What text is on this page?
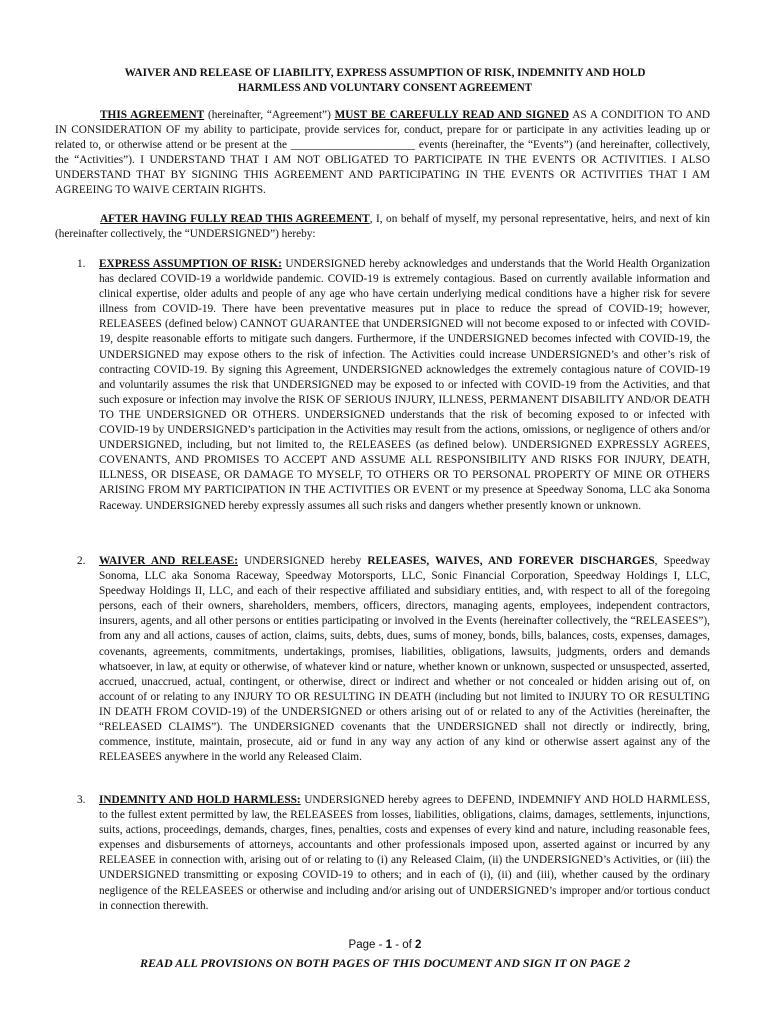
WAIVER AND RELEASE OF LIABILITY, EXPRESS ASSUMPTION OF RISK, INDEMNITY AND HOLD
HARMLESS AND VOLUNTARY CONSENT AGREEMENT

THIS AGREEMENT (hereinafter, “Agreement”) MUST BE CAREFULLY READ AND SIGNED AS A CONDITION TO AND IN CONSIDERATION OF my ability to participate, provide services for, conduct, prepare for or participate in any activities leading up or related to, or otherwise attend or be present at the ______________________ events (hereinafter, the “Events”) (and hereinafter, collectively, the “Activities”). I UNDERSTAND THAT I AM NOT OBLIGATED TO PARTICIPATE IN THE EVENTS OR ACTIVITIES. I ALSO UNDERSTAND THAT BY SIGNING THIS AGREEMENT AND PARTICIPATING IN THE EVENTS OR ACTIVITIES THAT I AM AGREEING TO WAIVE CERTAIN RIGHTS.

AFTER HAVING FULLY READ THIS AGREEMENT, I, on behalf of myself, my personal representative, heirs, and next of kin (hereinafter collectively, the “UNDERSIGNED”) hereby:

1. EXPRESS ASSUMPTION OF RISK: UNDERSIGNED hereby acknowledges and understands that the World Health Organization has declared COVID-19 a worldwide pandemic. COVID-19 is extremely contagious. Based on currently available information and clinical expertise, older adults and people of any age who have certain underlying medical conditions have a higher risk for severe illness from COVID-19. There have been preventative measures put in place to reduce the spread of COVID-19; however, RELEASEES (defined below) CANNOT GUARANTEE that UNDERSIGNED will not become exposed to or infected with COVID-19, despite reasonable efforts to mitigate such dangers. Furthermore, if the UNDERSIGNED becomes infected with COVID-19, the UNDERSIGNED may expose others to the risk of infection. The Activities could increase UNDERSIGNED’s and other’s risk of contracting COVID-19. By signing this Agreement, UNDERSIGNED acknowledges the extremely contagious nature of COVID-19 and voluntarily assumes the risk that UNDERSIGNED may be exposed to or infected with COVID-19 from the Activities, and that such exposure or infection may involve the RISK OF SERIOUS INJURY, ILLNESS, PERMANENT DISABILITY AND/OR DEATH TO THE UNDERSIGNED OR OTHERS. UNDERSIGNED understands that the risk of becoming exposed to or infected with COVID-19 by UNDERSIGNED’s participation in the Activities may result from the actions, omissions, or negligence of others and/or UNDERSIGNED, including, but not limited to, the RELEASEES (as defined below). UNDERSIGNED EXPRESSLY AGREES, COVENANTS, AND PROMISES TO ACCEPT AND ASSUME ALL RESPONSIBILITY AND RISKS FOR INJURY, DEATH, ILLNESS, OR DISEASE, OR DAMAGE TO MYSELF, TO OTHERS OR TO PERSONAL PROPERTY OF MINE OR OTHERS ARISING FROM MY PARTICIPATION IN THE ACTIVITIES OR EVENT or my presence at Speedway Sonoma, LLC aka Sonoma Raceway. UNDERSIGNED hereby expressly assumes all such risks and dangers whether presently known or unknown.

2. WAIVER AND RELEASE: UNDERSIGNED hereby RELEASES, WAIVES, AND FOREVER DISCHARGES, Speedway Sonoma, LLC aka Sonoma Raceway, Speedway Motorsports, LLC, Sonic Financial Corporation, Speedway Holdings I, LLC, Speedway Holdings II, LLC, and each of their respective affiliated and subsidiary entities, and, with respect to all of the foregoing persons, each of their owners, shareholders, members, officers, directors, managing agents, employees, independent contractors, insurers, agents, and all other persons or entities participating or involved in the Events (hereinafter collectively, the “RELEASEES”), from any and all actions, causes of action, claims, suits, debts, dues, sums of money, bonds, bills, balances, costs, expenses, damages, covenants, agreements, commitments, undertakings, promises, liabilities, obligations, lawsuits, judgments, orders and demands whatsoever, in law, at equity or otherwise, of whatever kind or nature, whether known or unknown, suspected or unsuspected, asserted, accrued, unaccrued, actual, contingent, or otherwise, direct or indirect and whether or not concealed or hidden arising out of, on account of or relating to any INJURY TO OR RESULTING IN DEATH (including but not limited to INJURY TO OR RESULTING IN DEATH FROM COVID-19) of the UNDERSIGNED or others arising out of or related to any of the Activities (hereinafter, the “RELEASED CLAIMS”). The UNDERSIGNED covenants that the UNDERSIGNED shall not directly or indirectly, bring, commence, institute, maintain, prosecute, aid or fund in any way any action of any kind or otherwise assert against any of the RELEASEES anywhere in the world any Released Claim.

3. INDEMNITY AND HOLD HARMLESS: UNDERSIGNED hereby agrees to DEFEND, INDEMNIFY AND HOLD HARMLESS, to the fullest extent permitted by law, the RELEASEES from losses, liabilities, obligations, claims, damages, settlements, injunctions, suits, actions, proceedings, demands, charges, fines, penalties, costs and expenses of every kind and nature, including reasonable fees, expenses and disbursements of attorneys, accountants and other professionals imposed upon, asserted against or incurred by any RELEASEE in connection with, arising out of or relating to (i) any Released Claim, (ii) the UNDERSIGNED’s Activities, or (iii) the UNDERSIGNED transmitting or exposing COVID-19 to others; and in each of (i), (ii) and (iii), whether caused by the ordinary negligence of the RELEASEES or otherwise and including and/or arising out of UNDERSIGNED’s improper and/or tortious conduct in connection therewith.

Page - 1 - of 2
READ ALL PROVISIONS ON BOTH PAGES OF THIS DOCUMENT AND SIGN IT ON PAGE 2
